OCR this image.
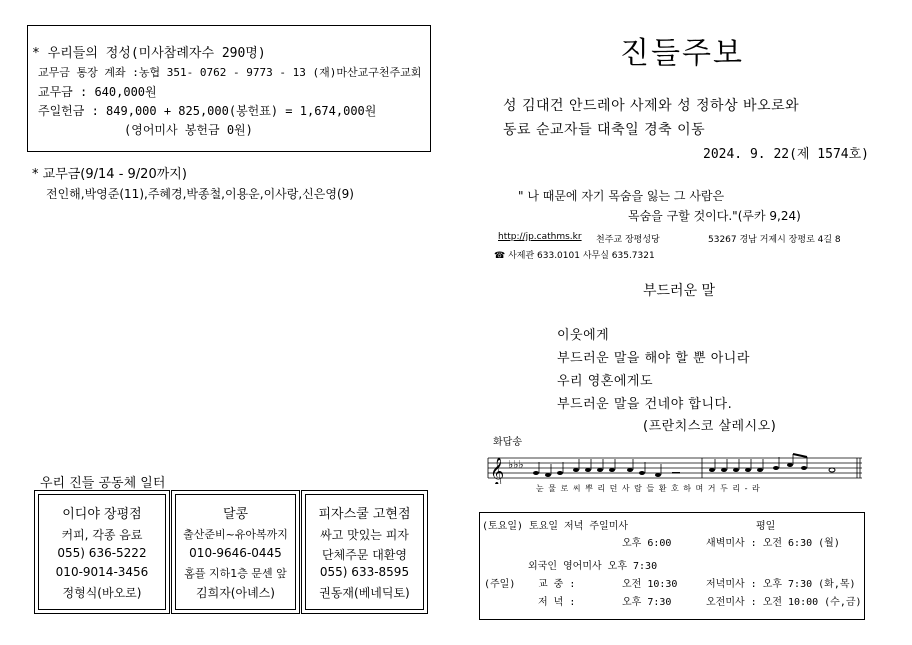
* 우리들의 정성(미사참례자수 290명)
교무금 통장 계좌 :농협 351- 0762 - 9773 - 13 (재)마산교구천주교회
교무금 : 640,000원
주일헌금 : 849,000 + 825,000(봉헌표) = 1,674,000원
(영어미사 봉헌금 0원)
* 교무금(9/14 - 9/20까지)
전인해,박영준(11),주혜경,박종철,이용운,이사랑,신은영(9)
우리 진들 공동체 일터
이디야 장평점
커피, 각종 음료
055) 636-5222
010-9014-3456
정형식(바오로)
달콩
출산준비~유아복까지
010-9646-0445
홈플 지하1층 문센 앞
김희자(아녜스)
피자스쿨 고현점
싸고 맛있는 피자
단체주문 대환영
055) 633-8595
권동재(베네딕토)
진들주보
성 김대건 안드레아 사제와 성 정하상 바오로와
동료 순교자들 대축일 경축 이동
2024. 9. 22(제 1574호)
" 나 때문에 자기 목숨을 잃는 그 사람은
목숨을 구할 것이다."(루카 9,24)
http://jp.cathms.kr 천주교 장평성당	53267 경남 거제시 장평로 4길 8
☎ 사제관 633.0101 사무실 635.7321
부드러운 말
이웃에게
부드러운 말을 해야 할 뿐 아니라
우리 영혼에게도
부드러운 말을 건네야 합니다.
(프란치스코 살레시오)
화답송
𝄞 ♭♭♭
눈 물 로 씨 뿌 리 던 사 람 들 환 호 하 며 거 두 리 - 라
(토요일) 토요일 저녁 주일미사	평일
오후 6:00	새벽미사 : 오전 6:30 (월)
외국인 영어미사 오후 7:30
(주일) 교 중 :	오전 10:30	저녁미사 : 오후 7:30 (화,목)
저 녁 :	오후 7:30	오전미사 : 오전 10:00 (수,금)
